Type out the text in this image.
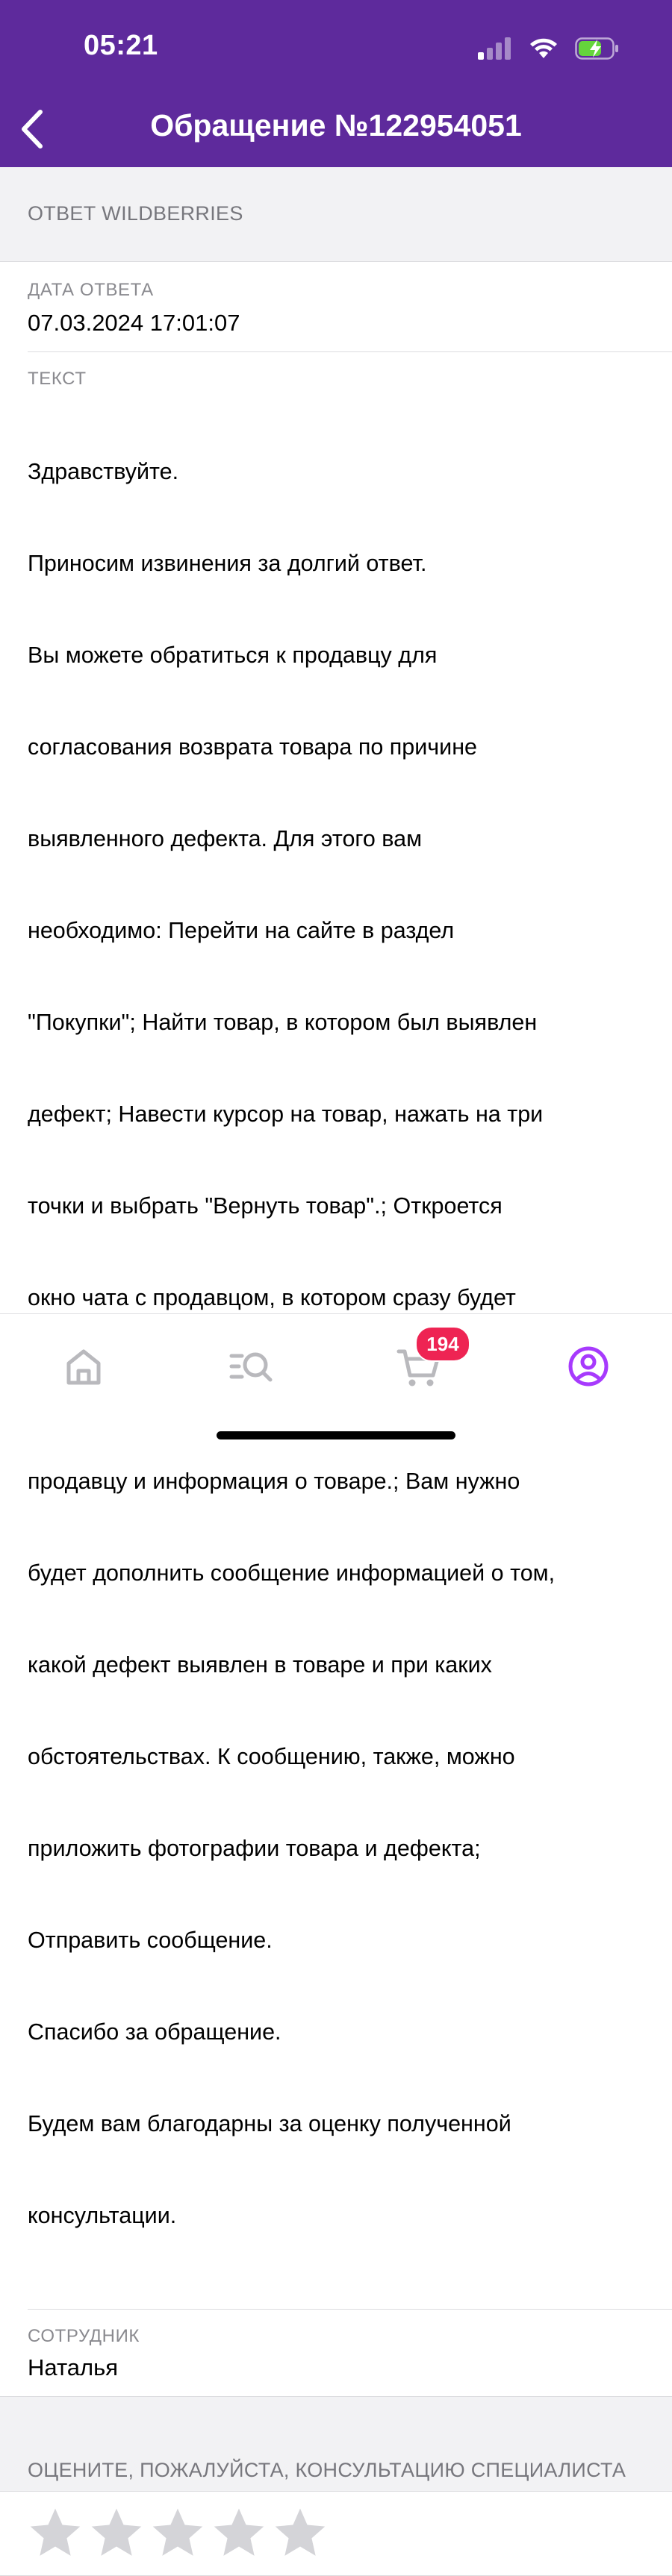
05:21
Обращение №122954051
ОТВЕТ WILDBERRIES
ДАТА ОТВЕТА
07.03.2024 17:01:07
ТЕКСТ

Здравствуйте.

Приносим извинения за долгий ответ.

Вы можете обратиться к продавцу для

согласования возврата товара по причине

выявленного дефекта. Для этого вам

необходимо: Перейти на сайте в раздел

"Покупки"; Найти товар, в котором был выявлен

дефект; Навести курсор на товар, нажать на три

точки и выбрать "Вернуть товар".; Откроется

окно чата с продавцом, в котором сразу будет

продавцу и информация о товаре.; Вам нужно

будет дополнить сообщение информацией о том,

какой дефект выявлен в товаре и при каких

обстоятельствах. К сообщению, также, можно

приложить фотографии товара и дефекта;

Отправить сообщение.

Спасибо за обращение.

Будем вам благодарны за оценку полученной

консультации.

СОТРУДНИК
Наталья
ОЦЕНИТЕ, ПОЖАЛУЙСТА, КОНСУЛЬТАЦИЮ СПЕЦИАЛИСТА
194
